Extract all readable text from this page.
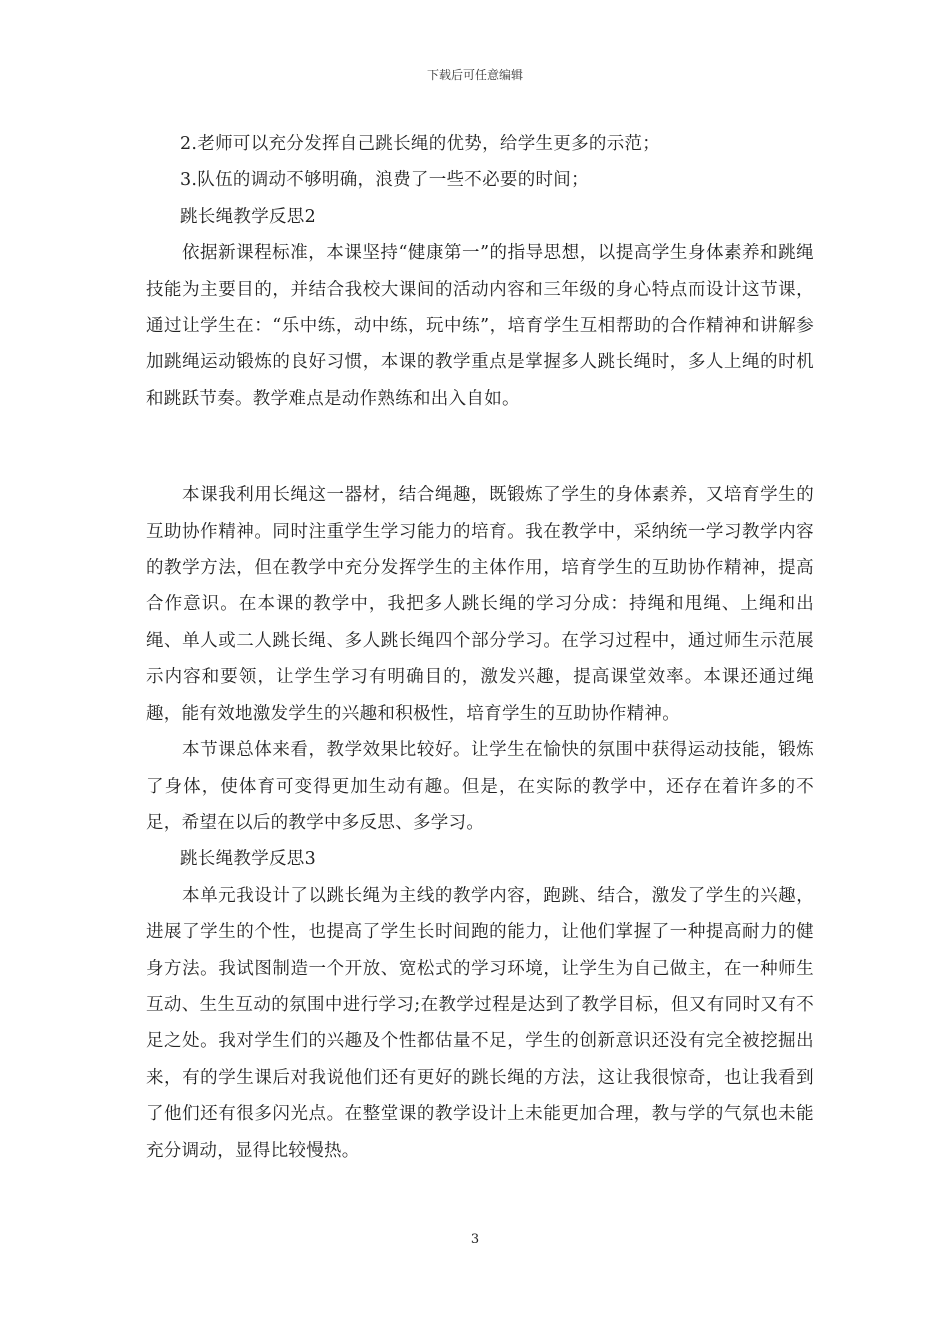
下载后可任意编辑

2.老师可以充分发挥自己跳长绳的优势，给学生更多的示范；

3.队伍的调动不够明确，浪费了一些不必要的时间；

跳长绳教学反思2

依据新课程标准，本课坚持“健康第一”的指导思想，以提高学生身体素养和跳绳技能为主要目的，并结合我校大课间的活动内容和三年级的身心特点而设计这节课，通过让学生在：“乐中练，动中练，玩中练”，培育学生互相帮助的合作精神和讲解参加跳绳运动锻炼的良好习惯，本课的教学重点是掌握多人跳长绳时，多人上绳的时机和跳跃节奏。教学难点是动作熟练和出入自如。

本课我利用长绳这一器材，结合绳趣，既锻炼了学生的身体素养，又培育学生的互助协作精神。同时注重学生学习能力的培育。我在教学中，采纳统一学习教学内容的教学方法，但在教学中充分发挥学生的主体作用，培育学生的互助协作精神，提高合作意识。在本课的教学中，我把多人跳长绳的学习分成：持绳和甩绳、上绳和出绳、单人或二人跳长绳、多人跳长绳四个部分学习。在学习过程中，通过师生示范展示内容和要领，让学生学习有明确目的，激发兴趣，提高课堂效率。本课还通过绳趣，能有效地激发学生的兴趣和积极性，培育学生的互助协作精神。

本节课总体来看，教学效果比较好。让学生在愉快的氛围中获得运动技能，锻炼了身体，使体育可变得更加生动有趣。但是，在实际的教学中，还存在着许多的不足，希望在以后的教学中多反思、多学习。

跳长绳教学反思3

本单元我设计了以跳长绳为主线的教学内容，跑跳、结合，激发了学生的兴趣，进展了学生的个性，也提高了学生长时间跑的能力，让他们掌握了一种提高耐力的健身方法。我试图制造一个开放、宽松式的学习环境，让学生为自己做主，在一种师生互动、生生互动的氛围中进行学习;在教学过程是达到了教学目标，但又有同时又有不足之处。我对学生们的兴趣及个性都估量不足，学生的创新意识还没有完全被挖掘出来，有的学生课后对我说他们还有更好的跳长绳的方法，这让我很惊奇，也让我看到了他们还有很多闪光点。在整堂课的教学设计上未能更加合理，教与学的气氛也未能充分调动，显得比较慢热。

3
